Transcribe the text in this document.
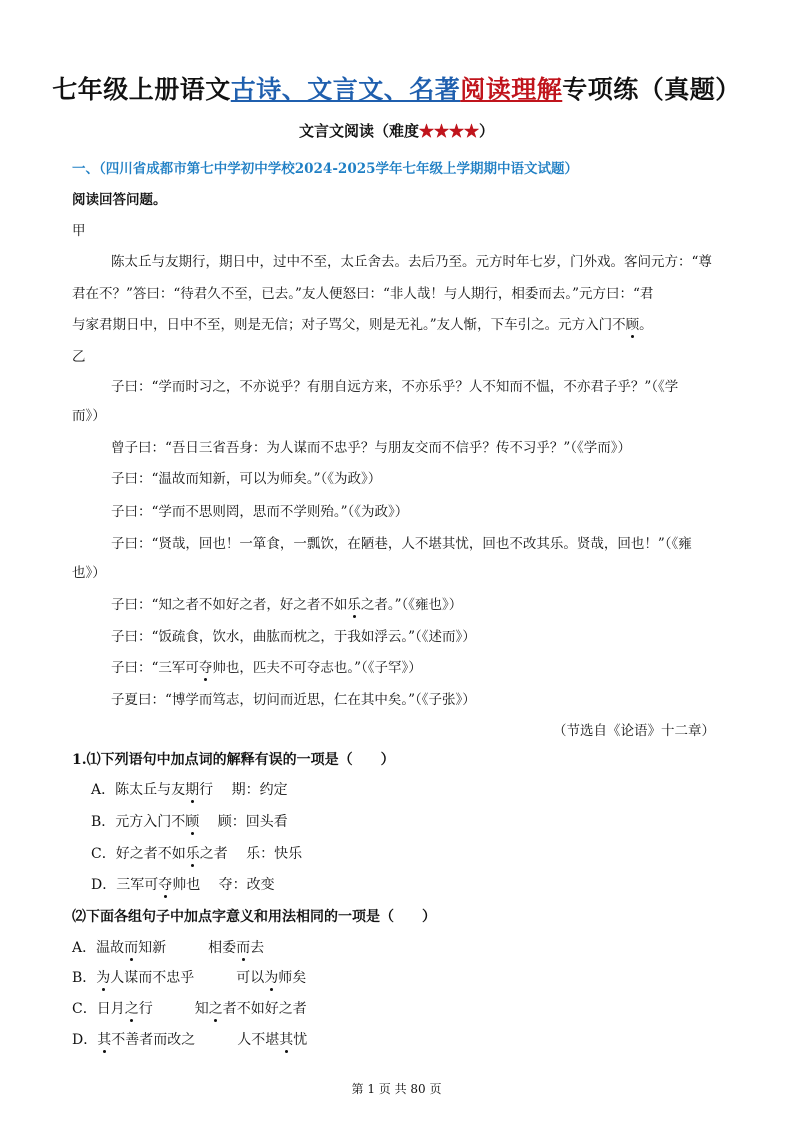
七年级上册语文古诗、文言文、名著阅读理解专项练（真题）
文言文阅读（难度★★★★）
一、（四川省成都市第七中学初中学校2024-2025学年七年级上学期期中语文试题）
阅读回答问题。
甲
陈太丘与友期行，期日中，过中不至，太丘舍去。去后乃至。元方时年七岁，门外戏。客问元方：“尊
君在不？”答曰：“待君久不至，已去。”友人便怒曰：“非人哉！与人期行，相委而去。”元方曰：“君
与家君期日中，日中不至，则是无信；对子骂父，则是无礼。”友人惭，下车引之。元方入门不顾。
乙
子曰：“学而时习之，不亦说乎？有朋自远方来，不亦乐乎？人不知而不愠，不亦君子乎？”（《学
而》）
曾子曰：“吾日三省吾身：为人谋而不忠乎？与朋友交而不信乎？传不习乎？”（《学而》）
子曰：“温故而知新，可以为师矣。”（《为政》）
子曰：“学而不思则罔，思而不学则殆。”（《为政》）
子曰：“贤哉，回也！一箪食，一瓢饮，在陋巷，人不堪其忧，回也不改其乐。贤哉，回也！”（《雍
也》）
子曰：“知之者不如好之者，好之者不如乐之者。”（《雍也》）
子曰：“饭疏食，饮水，曲肱而枕之，于我如浮云。”（《述而》）
子曰：“三军可夺帅也，匹夫不可夺志也。”（《子罕》）
子夏曰：“博学而笃志，切问而近思，仁在其中矣。”（《子张》）
（节选自《论语》十二章）
1.⑴下列语句中加点词的解释有误的一项是（　　）
A．陈太丘与友期行　 期：约定
B．元方入门不顾　 顾：回头看
C．好之者不如乐之者　 乐：快乐
D．三军可夺帅也　 夺：改变
⑵下面各组句子中加点字意义和用法相同的一项是（　　）
A．温故而知新　　　相委而去
B．为人谋而不忠乎　　　可以为师矣
C．日月之行　　　知之者不如好之者
D．其不善者而改之　　　人不堪其忧
第 1 页 共 80 页
